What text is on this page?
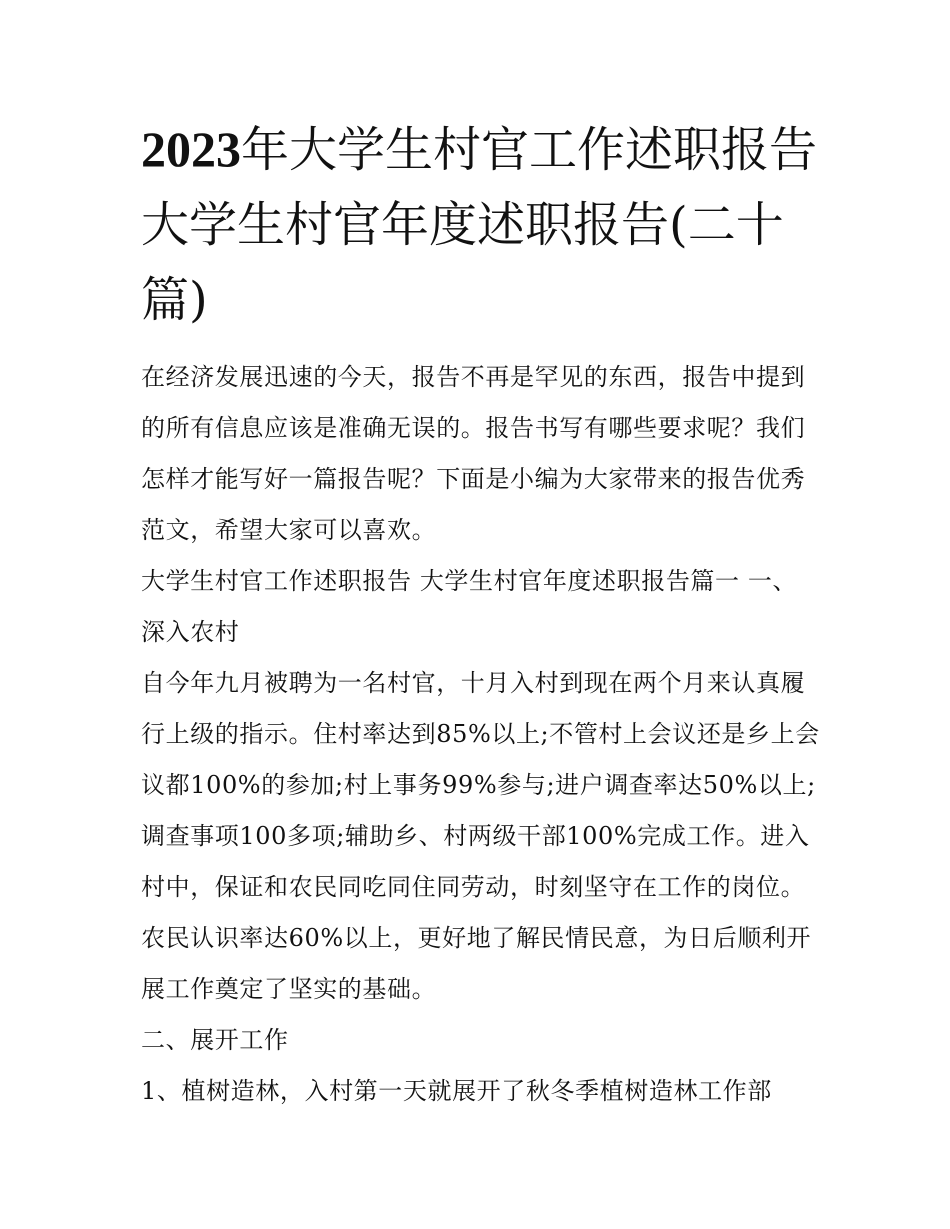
2023年大学生村官工作述职报告 大学生村官年度述职报告(二十篇)

在经济发展迅速的今天，报告不再是罕见的东西，报告中提到的所有信息应该是准确无误的。报告书写有哪些要求呢？我们怎样才能写好一篇报告呢？下面是小编为大家带来的报告优秀范文，希望大家可以喜欢。

大学生村官工作述职报告 大学生村官年度述职报告篇一 一、深入农村

自今年九月被聘为一名村官，十月入村到现在两个月来认真履行上级的指示。住村率达到85%以上;不管村上会议还是乡上会议都100%的参加;村上事务99%参与;进户调查率达50%以上;调查事项100多项;辅助乡、村两级干部100%完成工作。进入村中，保证和农民同吃同住同劳动，时刻坚守在工作的岗位。农民认识率达60%以上，更好地了解民情民意，为日后顺利开展工作奠定了坚实的基础。

二、展开工作

1、植树造林，入村第一天就展开了秋冬季植树造林工作部
